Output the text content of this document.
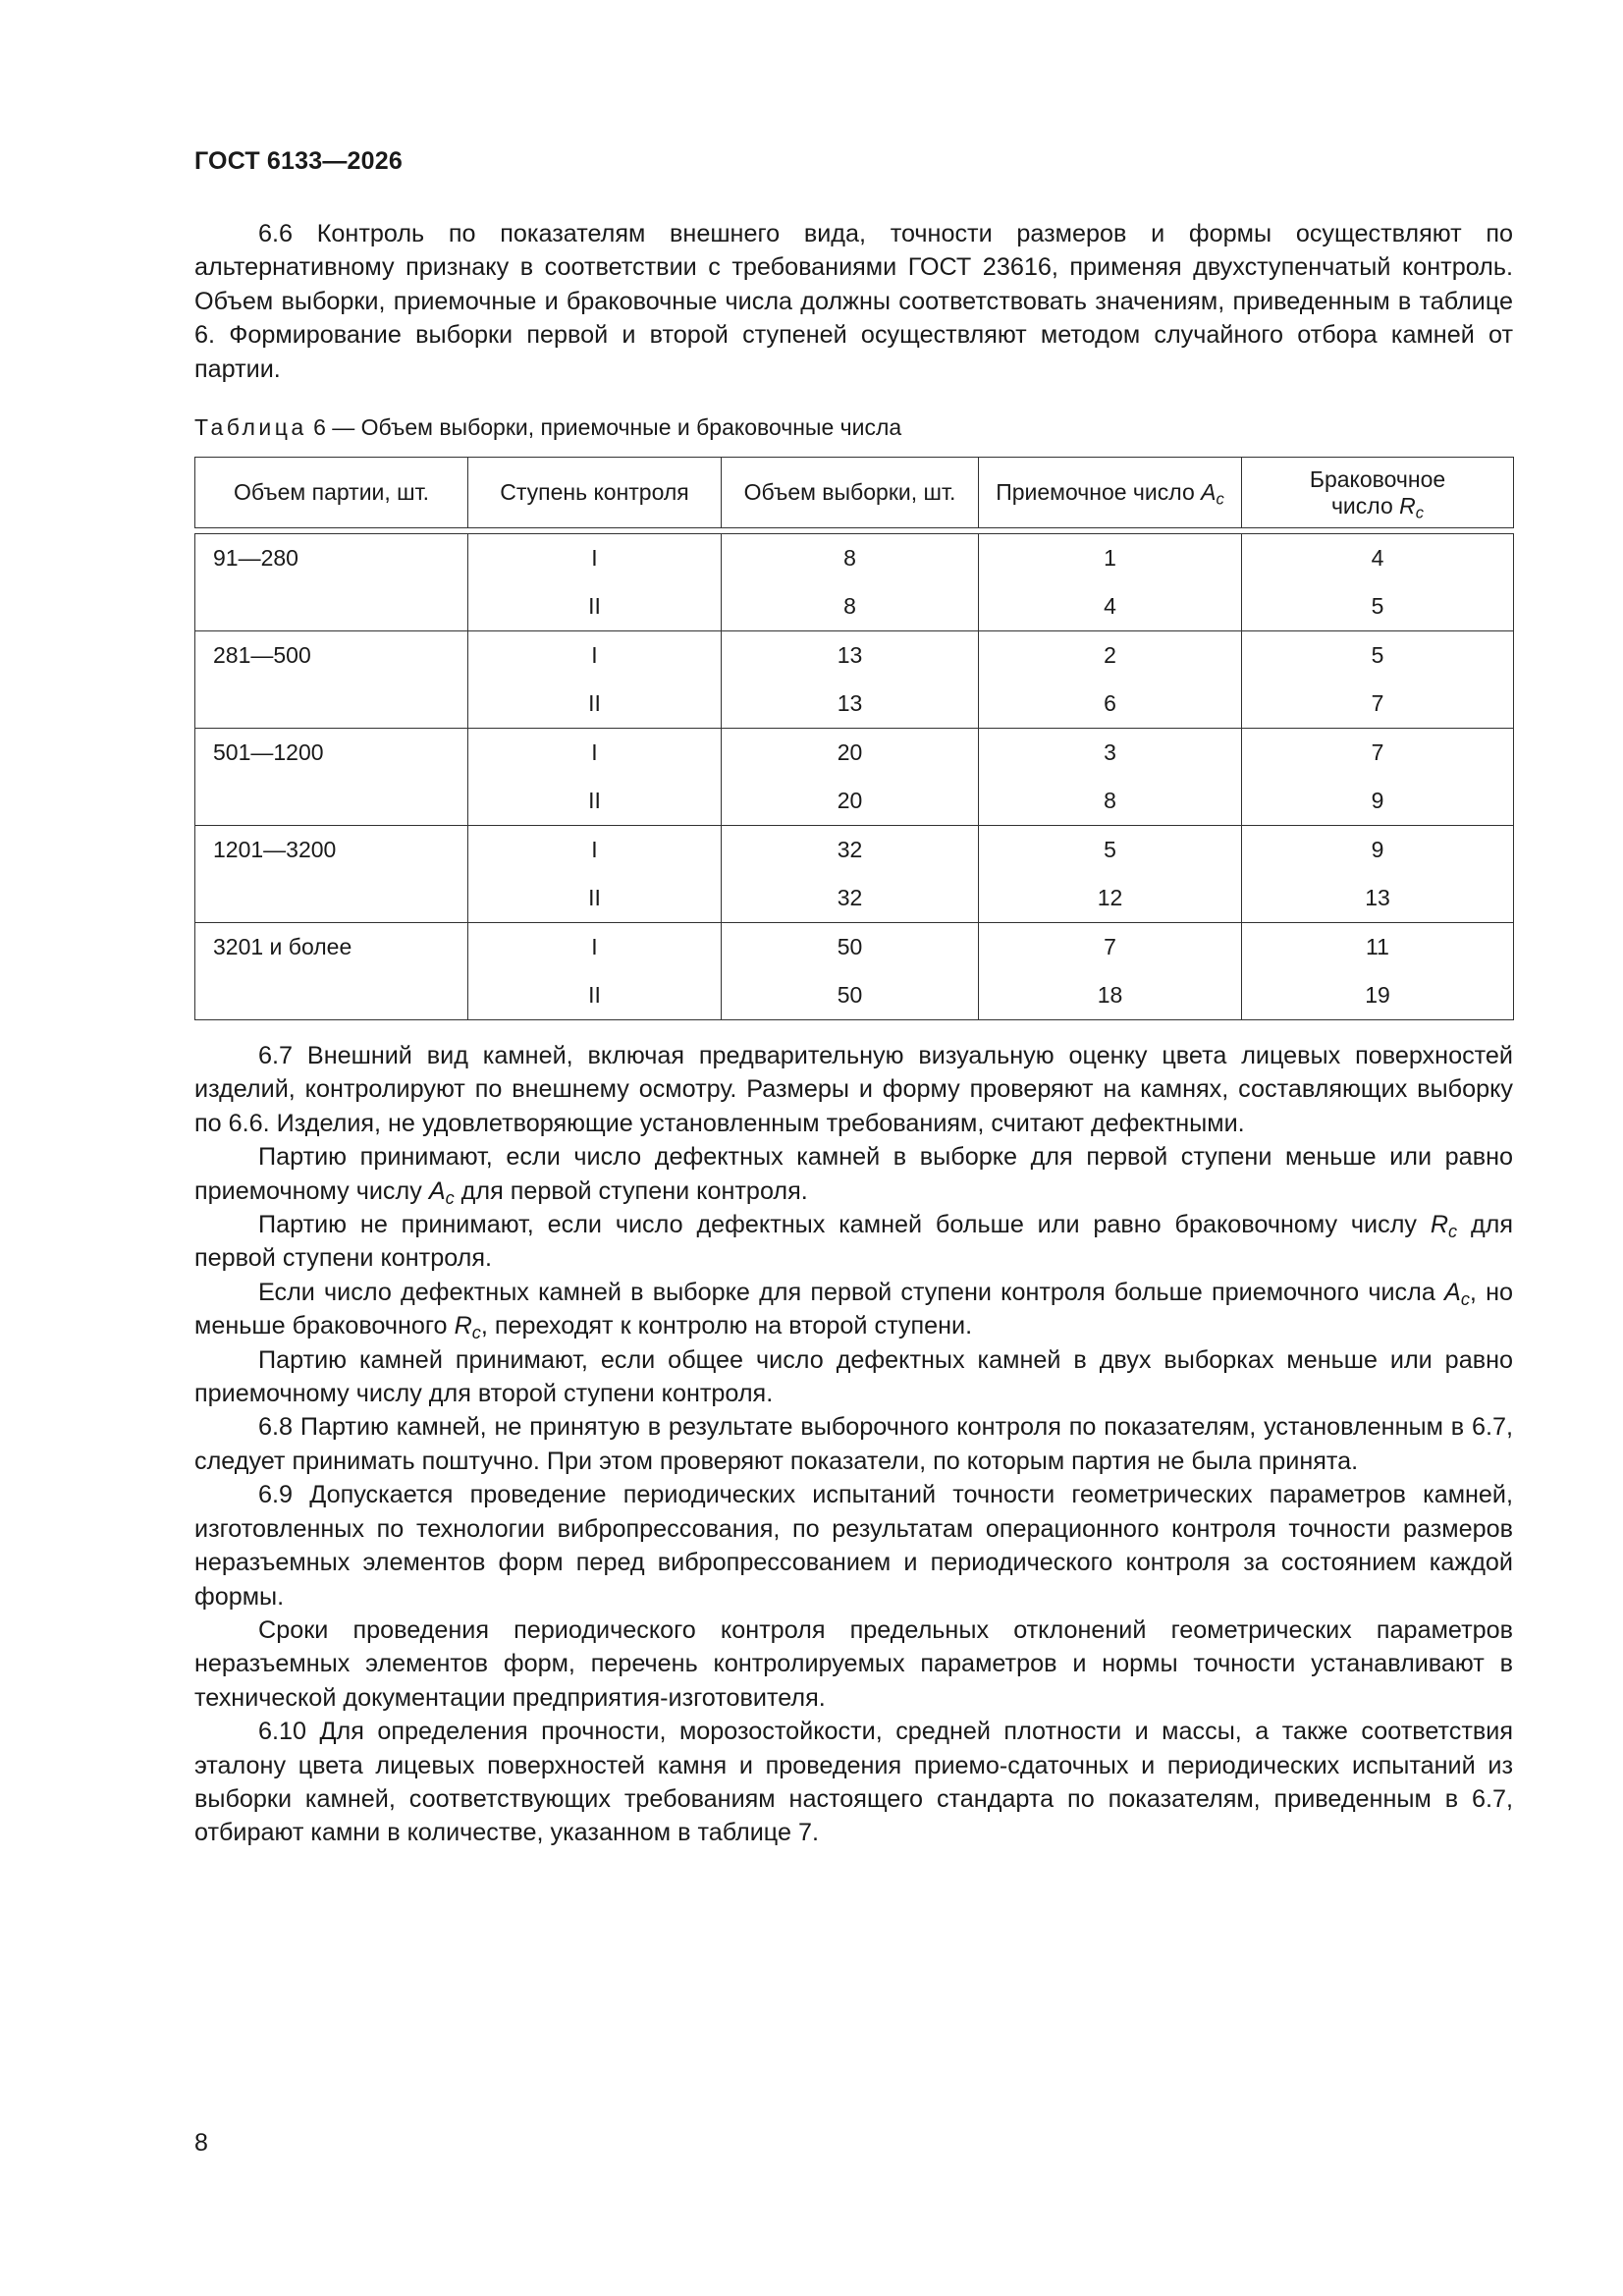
ГОСТ 6133—2026

6.6 Контроль по показателям внешнего вида, точности размеров и формы осуществляют по альтернативному признаку в соответствии с требованиями ГОСТ 23616, применяя двухступенчатый контроль. Объем выборки, приемочные и браковочные числа должны соответствовать значениям, приведенным в таблице 6. Формирование выборки первой и второй ступеней осуществляют методом случайного отбора камней от партии.

Таблица 6 — Объем выборки, приемочные и браковочные числа
Объем партии, шт.	Ступень контроля	Объем выборки, шт.	Приемочное число $A_c$	Браковочное
число $R_c$

91—280	I	8	1	4
	II	8	4	5
281—500	I	13	2	5
	II	13	6	7
501—1200	I	20	3	7
	II	20	8	9
1201—3200	I	32	5	9
	II	32	12	13
3201 и более	I	50	7	11
	II	50	18	19

6.7 Внешний вид камней, включая предварительную визуальную оценку цвета лицевых поверхностей изделий, контролируют по внешнему осмотру. Размеры и форму проверяют на камнях, составляющих выборку по 6.6. Изделия, не удовлетворяющие установленным требованиям, считают дефектными.

Партию принимают, если число дефектных камней в выборке для первой ступени меньше или равно приемочному числу $A_c$ для первой ступени контроля.

Партию не принимают, если число дефектных камней больше или равно браковочному числу $R_c$ для первой ступени контроля.

Если число дефектных камней в выборке для первой ступени контроля больше приемочного числа $A_c$, но меньше браковочного $R_c$, переходят к контролю на второй ступени.

Партию камней принимают, если общее число дефектных камней в двух выборках меньше или равно приемочному числу для второй ступени контроля.

6.8 Партию камней, не принятую в результате выборочного контроля по показателям, установленным в 6.7, следует принимать поштучно. При этом проверяют показатели, по которым партия не была принята.

6.9 Допускается проведение периодических испытаний точности геометрических параметров камней, изготовленных по технологии вибропрессования, по результатам операционного контроля точности размеров неразъемных элементов форм перед вибропрессованием и периодического контроля за состоянием каждой формы.

Сроки проведения периодического контроля предельных отклонений геометрических параметров неразъемных элементов форм, перечень контролируемых параметров и нормы точности устанавливают в технической документации предприятия-изготовителя.

6.10 Для определения прочности, морозостойкости, средней плотности и массы, а также соответствия эталону цвета лицевых поверхностей камня и проведения приемо-сдаточных и периодических испытаний из выборки камней, соответствующих требованиям настоящего стандарта по показателям, приведенным в 6.7, отбирают камни в количестве, указанном в таблице 7.

8
